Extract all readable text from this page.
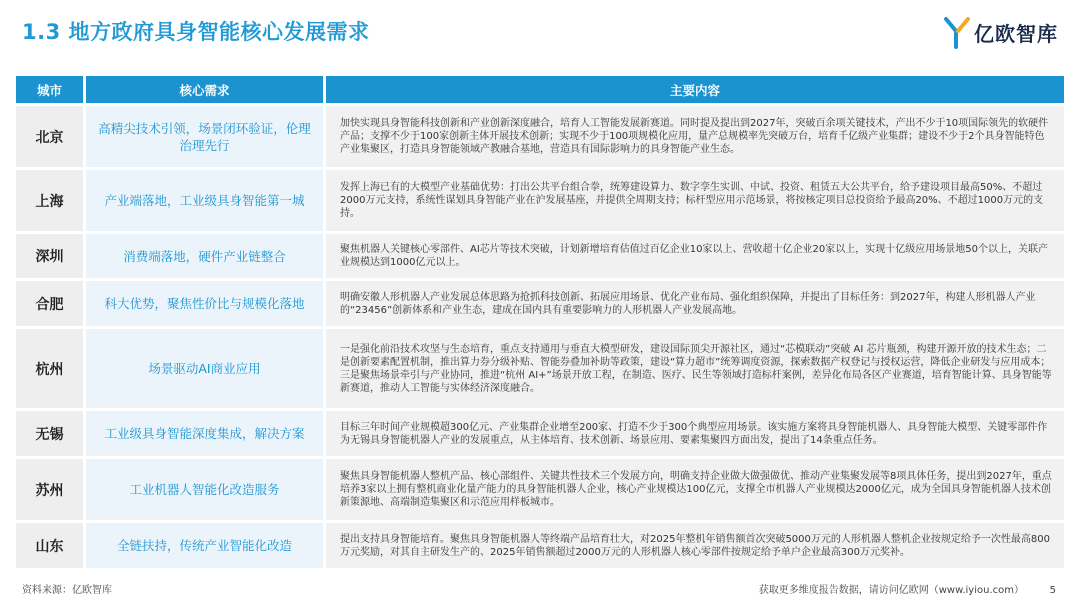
1.3 地方政府具身智能核心发展需求	亿欧智库
城市	核心需求	主要内容
北京	高精尖技术引领，场景闭环验证，伦理治理先行	加快实现具身智能科技创新和产业创新深度融合，培育人工智能发展新赛道。同时提及提出到2027年，突破百余项关键技术，产出不少于10项国际领先的软硬件产品；支撑不少于100家创新主体开展技术创新；实现不少于100项规模化应用，量产总规模率先突破万台，培育千亿级产业集群；建设不少于2个具身智能特色产业集聚区，打造具身智能领域产教融合基地，营造具有国际影响力的具身智能产业生态。
上海	产业端落地，工业级具身智能第一城	发挥上海已有的大模型产业基础优势：打出公共平台组合拳，统筹建设算力、数字孪生实训、中试、投资、租赁五大公共平台，给予建设项目最高50%、不超过2000万元支持，系统性谋划具身智能产业在沪发展基座，并提供全周期支持；标杆型应用示范场景，将按核定项目总投资给予最高20%、不超过1000万元的支持。
深圳	消费端落地，硬件产业链整合	聚焦机器人关键核心零部件、AI芯片等技术突破，计划新增培育估值过百亿企业10家以上、营收超十亿企业20家以上，实现十亿级应用场景地50个以上，关联产业规模达到1000亿元以上。
合肥	科大优势，聚焦性价比与规模化落地	明确安徽人形机器人产业发展总体思路为抢抓科技创新、拓展应用场景、优化产业布局、强化组织保障，并提出了目标任务：到2027年，构建人形机器人产业的“23456”创新体系和产业生态，建成在国内具有重要影响力的人形机器人产业发展高地。
杭州	场景驱动AI商业应用	一是强化前沿技术攻坚与生态培育，重点支持通用与垂直大模型研发，建设国际顶尖开源社区，通过“芯模联动”突破 AI 芯片瓶颈，构建开源开放的技术生态；二是创新要素配置机制，推出算力券分级补贴、智能券叠加补助等政策，建设“算力超市”统筹调度资源，探索数据产权登记与授权运营，降低企业研发与应用成本；三是聚焦场景牵引与产业协同，推进“杭州 AI+”场景开放工程，在制造、医疗、民生等领域打造标杆案例，差异化布局各区产业赛道，培育智能计算、具身智能等新赛道，推动人工智能与实体经济深度融合。
无锡	工业级具身智能深度集成，解决方案	目标三年时间产业规模超300亿元、产业集群企业增至200家、打造不少于300个典型应用场景。该实施方案将具身智能机器人、具身智能大模型、关键零部件作为无锡具身智能机器人产业的发展重点，从主体培育、技术创新、场景应用、要素集聚四方面出发，提出了14条重点任务。
苏州	工业机器人智能化改造服务	聚焦具身智能机器人整机产品、核心部组件、关键共性技术三个发展方向，明确支持企业做大做强做优、推动产业集聚发展等8项具体任务，提出到2027年，重点培养3家以上拥有整机商业化量产能力的具身智能机器人企业，核心产业规模达100亿元，支撑全市机器人产业规模达2000亿元，成为全国具身智能机器人技术创新策源地、高端制造集聚区和示范应用样板城市。
山东	全链扶持，传统产业智能化改造	提出支持具身智能培育。聚焦具身智能机器人等终端产品培育壮大，对2025年整机年销售额首次突破5000万元的人形机器人整机企业按规定给予一次性最高800万元奖励，对其自主研发生产的、2025年销售额超过2000万元的人形机器人核心零部件按规定给予单户企业最高300万元奖补。
资料来源：亿欧智库	获取更多维度报告数据，请访问亿欧网（www.iyiou.com）	5
